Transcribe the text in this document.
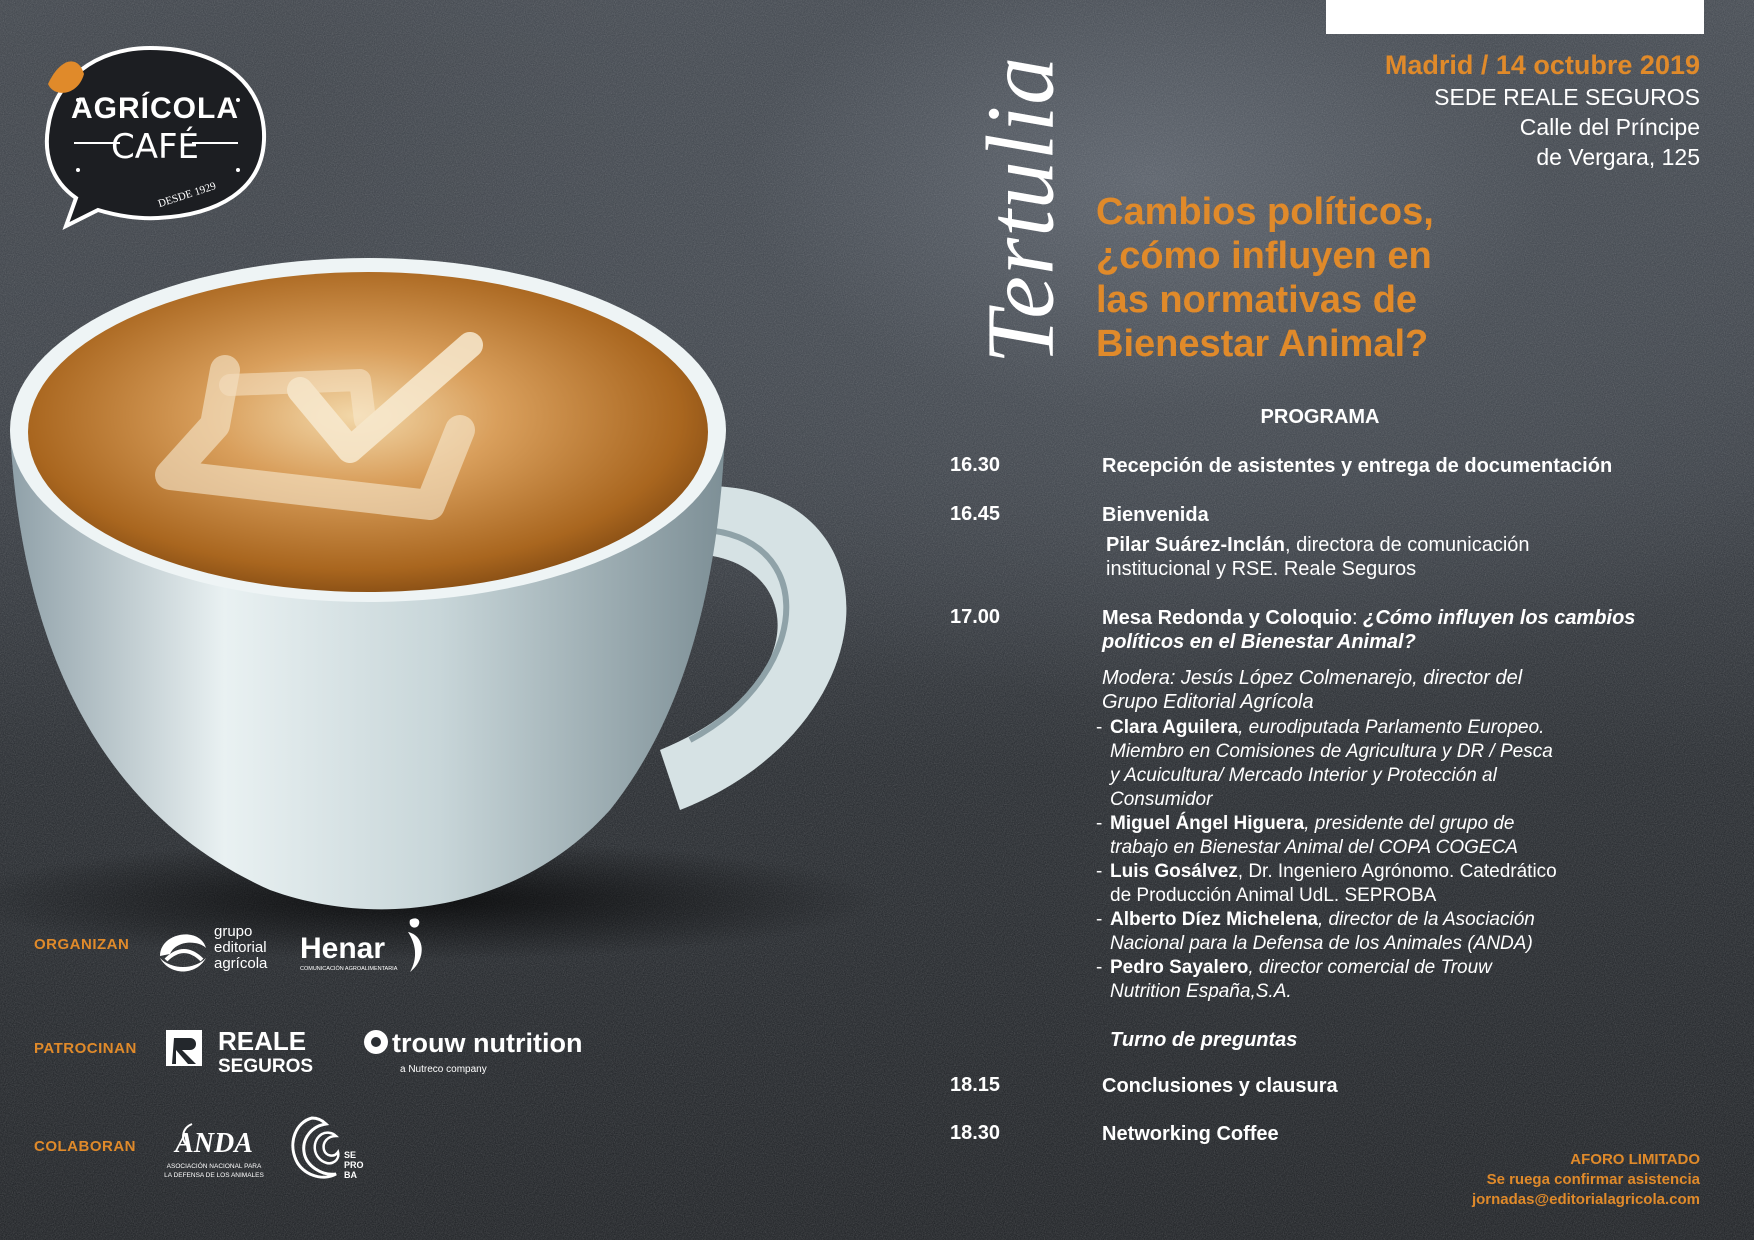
AGRÍCOLA
CAFÉ
DESDE 1929	Tertulia	Madrid / 14 octubre 2019
SEDE REALE SEGUROS
Calle del Príncipe
de Vergara, 125
Cambios políticos,
¿cómo influyen en
las normativas de
Bienestar Animal?
PROGRAMA
16.30	Recepción de asistentes y entrega de documentación
16.45	Bienvenida
Pilar Suárez-Inclán, directora de comunicación
institucional y RSE. Reale Seguros
17.00	Mesa Redonda y Coloquio: ¿Cómo influyen los cambios
políticos en el Bienestar Animal?
Modera: Jesús López Colmenarejo, director del
Grupo Editorial Agrícola
- Clara Aguilera, eurodiputada Parlamento Europeo.
Miembro en Comisiones de Agricultura y DR / Pesca
y Acuicultura/ Mercado Interior y Protección al
Consumidor
- Miguel Ángel Higuera, presidente del grupo de
trabajo en Bienestar Animal del COPA COGECA
- Luis Gosálvez, Dr. Ingeniero Agrónomo. Catedrático
de Producción Animal UdL. SEPROBA
- Alberto Díez Michelena, director de la Asociación
Nacional para la Defensa de los Animales (ANDA)
- Pedro Sayalero, director comercial de Trouw
Nutrition España,S.A.
Turno de preguntas
18.15	Conclusiones y clausura
18.30	Networking Coffee
ORGANIZAN
PATROCINAN
COLABORAN
grupo
editorial
agrícola Henar
COMUNICACIÓN AGROALIMENTARIA
REALE
SEGUROS
trouw nutrition
a Nutreco company
ANDA
ASOCIACIÓN NACIONAL PARA
LA DEFENSA DE LOS ANIMALES
SE
PRO
BA
AFORO LIMITADO
Se ruega confirmar asistencia
jornadas@editorialagricola.com
